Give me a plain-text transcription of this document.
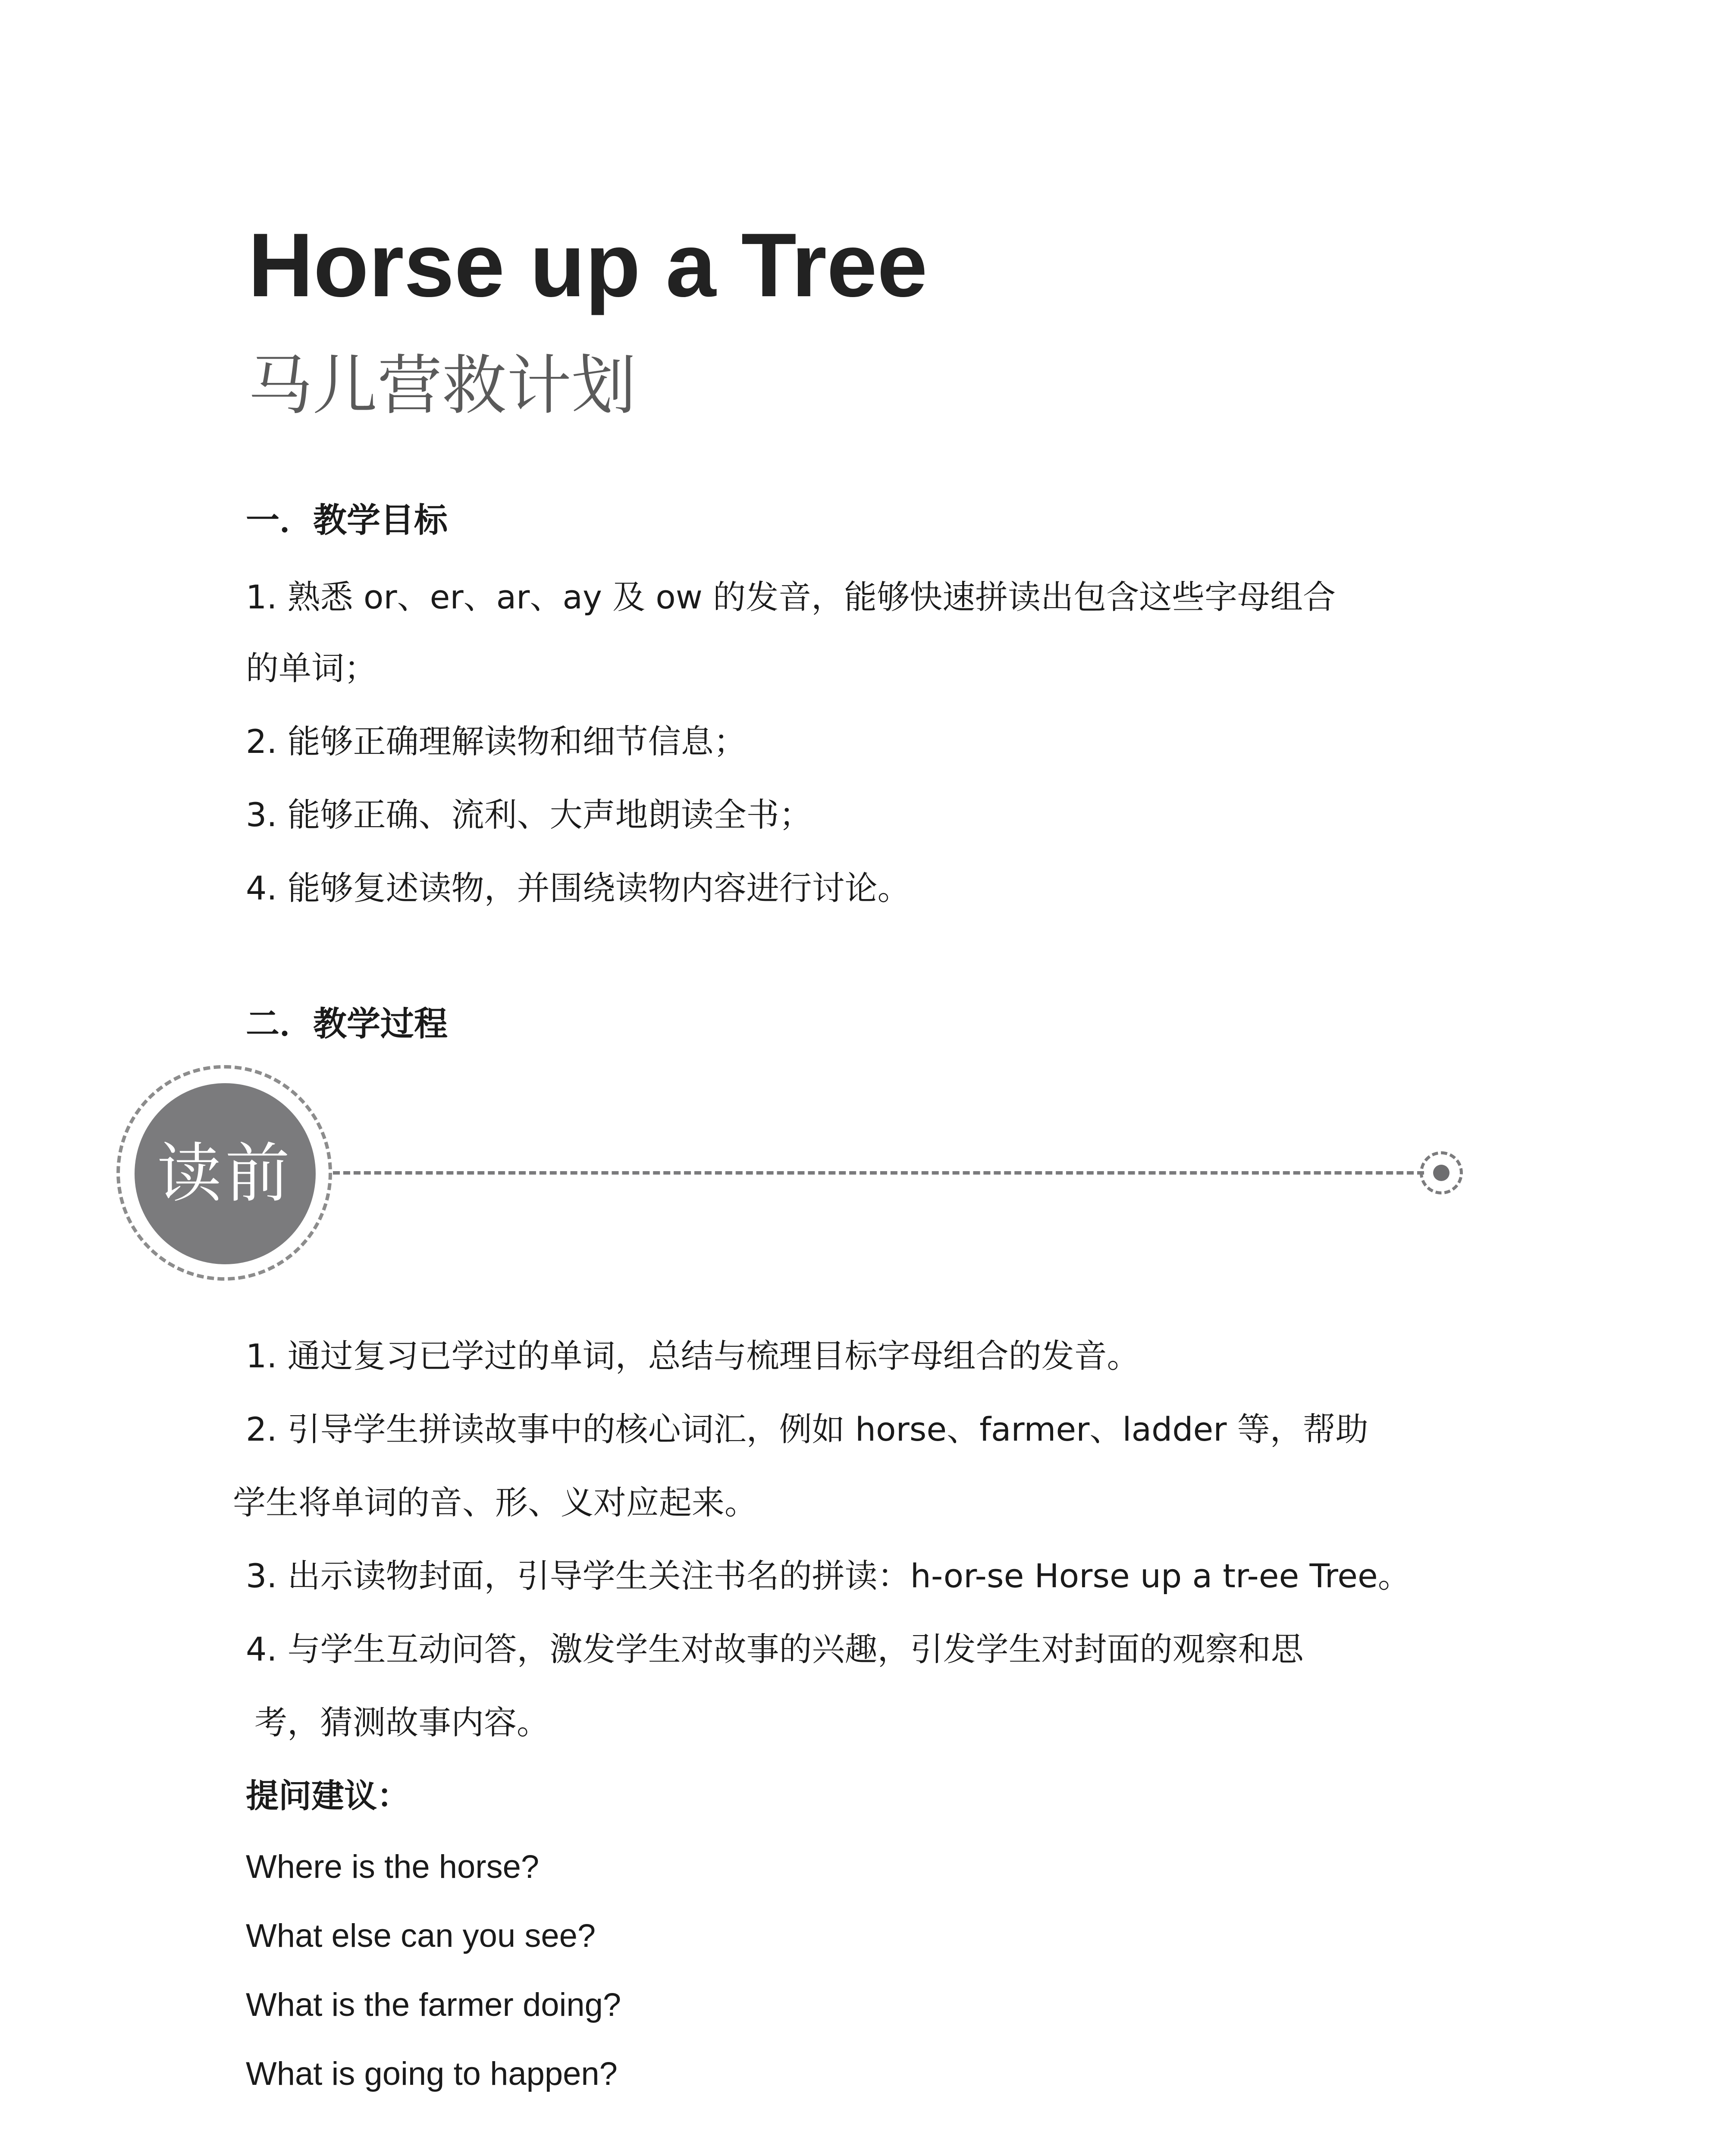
Horse up a Tree
马儿营救计划
一．教学目标

1. 熟悉 or、er、ar、ay 及 ow 的发音，能够快速拼读出包含这些字母组合

的单词；

2. 能够正确理解读物和细节信息；

3. 能够正确、流利、大声地朗读全书；

4. 能够复述读物，并围绕读物内容进行讨论。

二．教学过程
读前

1. 通过复习已学过的单词，总结与梳理目标字母组合的发音。

2. 引导学生拼读故事中的核心词汇，例如 horse、farmer、ladder 等，帮助

学生将单词的音、形、义对应起来。

3. 出示读物封面，引导学生关注书名的拼读：h-or-se Horse up a tr-ee Tree。

4. 与学生互动问答，激发学生对故事的兴趣，引发学生对封面的观察和思

考，猜测故事内容。

提问建议：

Where is the horse?

What else can you see?

What is the farmer doing?

What is going to happen?
